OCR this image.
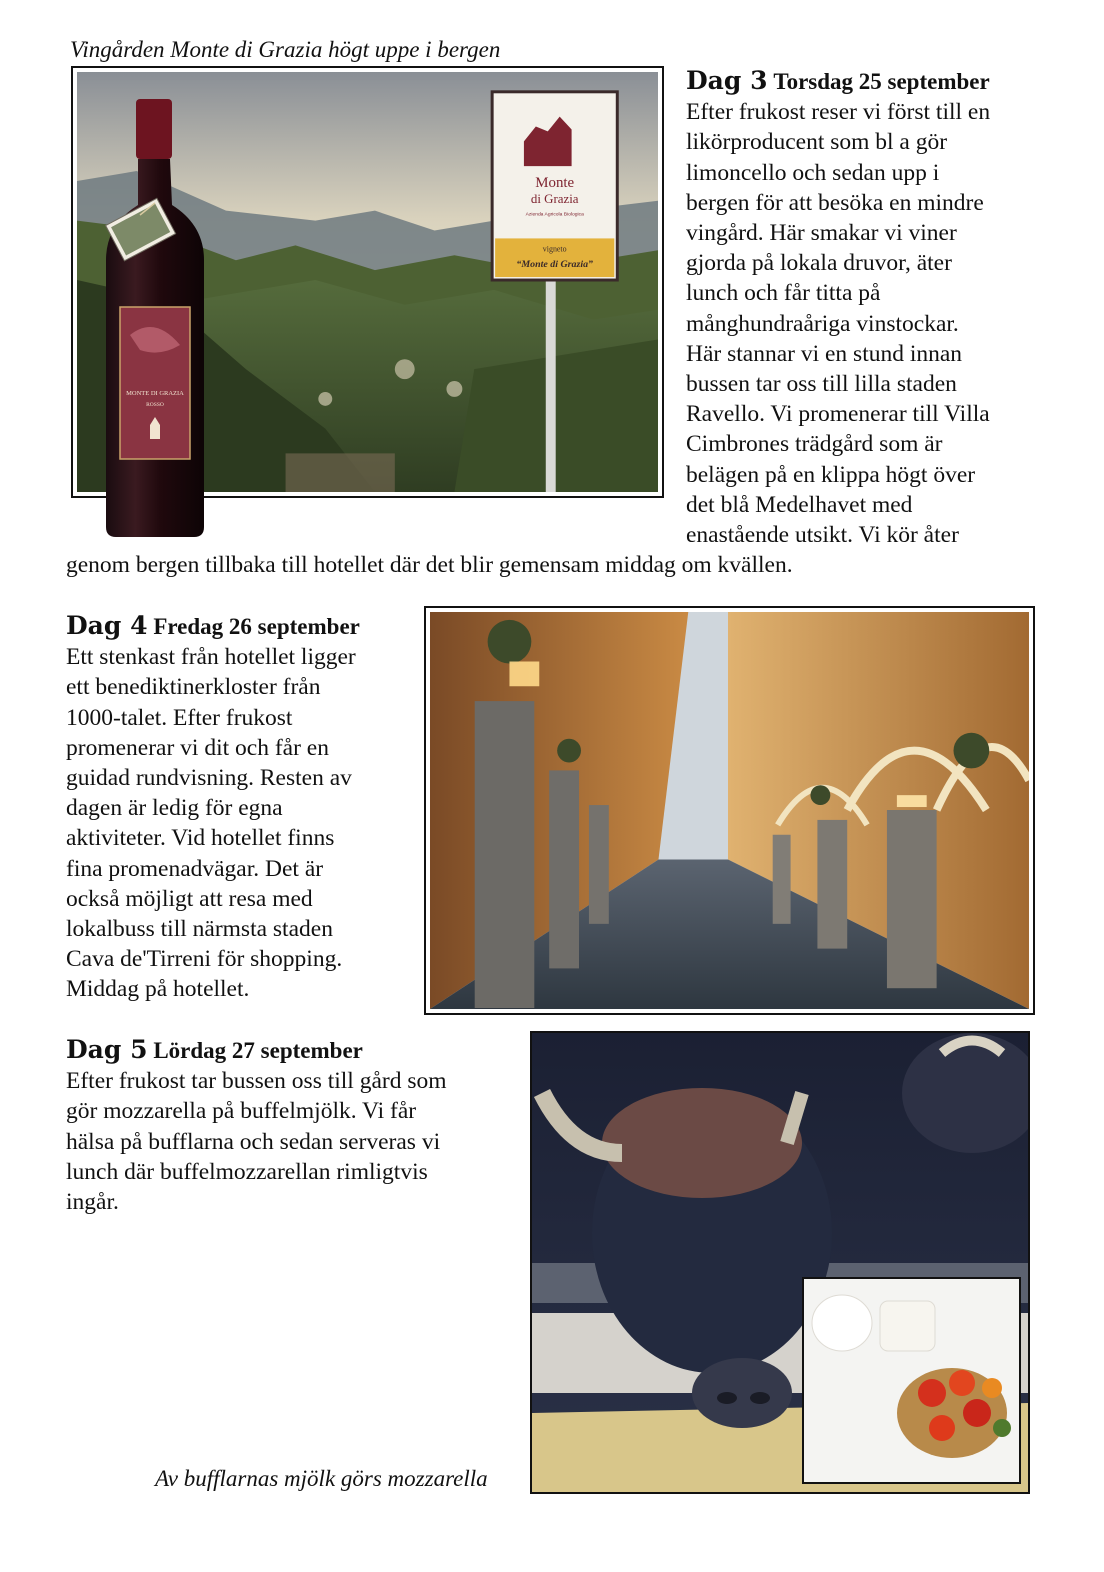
Vingården Monte di Grazia högt uppe i bergen
Monte
di Grazia
Azienda Agricola Biologica
vigneto
“Monte di Grazia”
MONTE DI GRAZIA
ROSSO
Dag 3 Torsdag 25 september
Efter frukost reser vi först till en
likörproducent som bl a gör
limoncello och sedan upp i
bergen för att besöka en mindre
vingård. Här smakar vi viner
gjorda på lokala druvor, äter
lunch och får titta på
månghundraåriga vinstockar.
Här stannar vi en stund innan
bussen tar oss till lilla staden
Ravello. Vi promenerar till Villa
Cimbrones trädgård som är
belägen på en klippa högt över
det blå Medelhavet med
enastående utsikt. Vi kör åter
genom bergen tillbaka till hotellet där det blir gemensam middag om kvällen.
Dag 4 Fredag 26 september
Ett stenkast från hotellet ligger
ett benediktinerkloster från
1000-talet. Efter frukost
promenerar vi dit och får en
guidad rundvisning. Resten av
dagen är ledig för egna
aktiviteter. Vid hotellet finns
fina promenadvägar. Det är
också möjligt att resa med
lokalbuss till närmsta staden
Cava de'Tirreni för shopping.
Middag på hotellet.
Dag 5 Lördag 27 september
Efter frukost tar bussen oss till gård som
gör mozzarella på buffelmjölk. Vi får
hälsa på bufflarna och sedan serveras vi
lunch där buffelmozzarellan rimligtvis
ingår.
Av bufflarnas mjölk görs mozzarella
